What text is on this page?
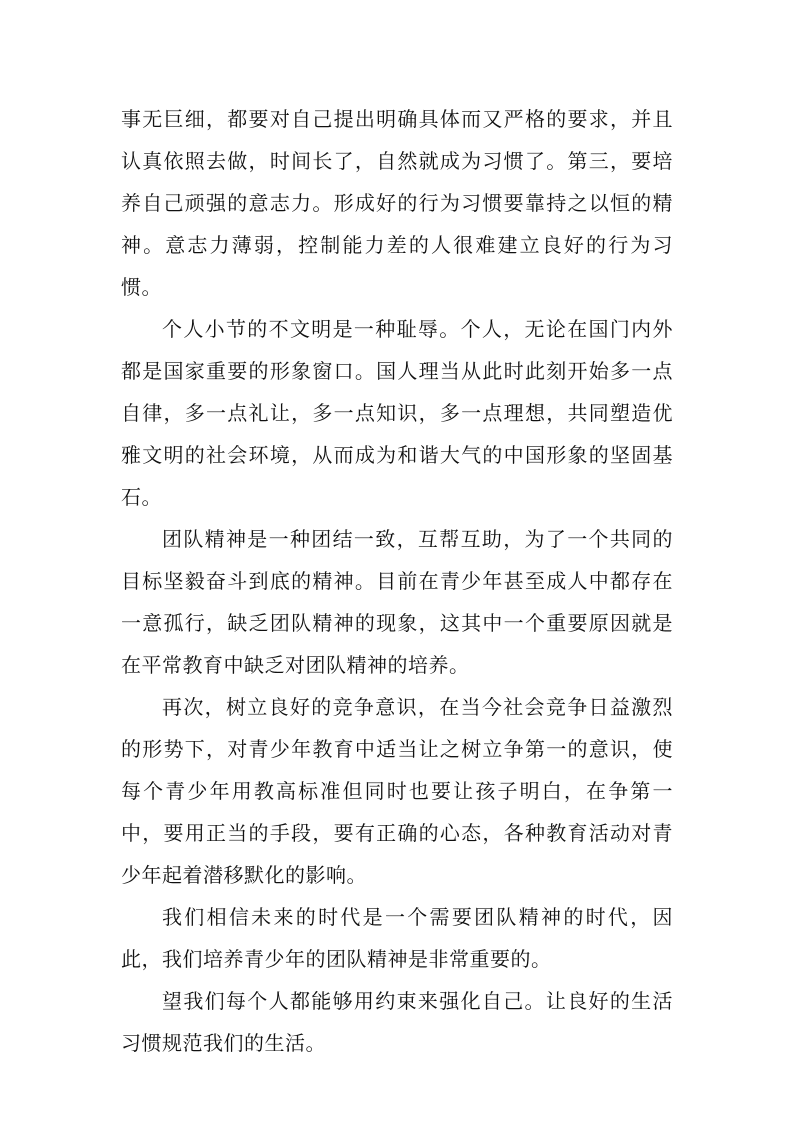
事无巨细，都要对自己提出明确具体而又严格的要求，并且认真依照去做，时间长了，自然就成为习惯了。第三，要培养自己顽强的意志力。形成好的行为习惯要靠持之以恒的精神。意志力薄弱，控制能力差的人很难建立良好的行为习惯。

个人小节的不文明是一种耻辱。个人，无论在国门内外都是国家重要的形象窗口。国人理当从此时此刻开始多一点自律，多一点礼让，多一点知识，多一点理想，共同塑造优雅文明的社会环境，从而成为和谐大气的中国形象的坚固基石。

团队精神是一种团结一致，互帮互助，为了一个共同的目标坚毅奋斗到底的精神。目前在青少年甚至成人中都存在一意孤行，缺乏团队精神的现象，这其中一个重要原因就是在平常教育中缺乏对团队精神的培养。

再次，树立良好的竞争意识，在当今社会竞争日益激烈的形势下，对青少年教育中适当让之树立争第一的意识，使每个青少年用教高标准但同时也要让孩子明白，在争第一中，要用正当的手段，要有正确的心态，各种教育活动对青少年起着潜移默化的影响。

我们相信未来的时代是一个需要团队精神的时代，因此，我们培养青少年的团队精神是非常重要的。

望我们每个人都能够用约束来强化自己。让良好的生活习惯规范我们的生活。
